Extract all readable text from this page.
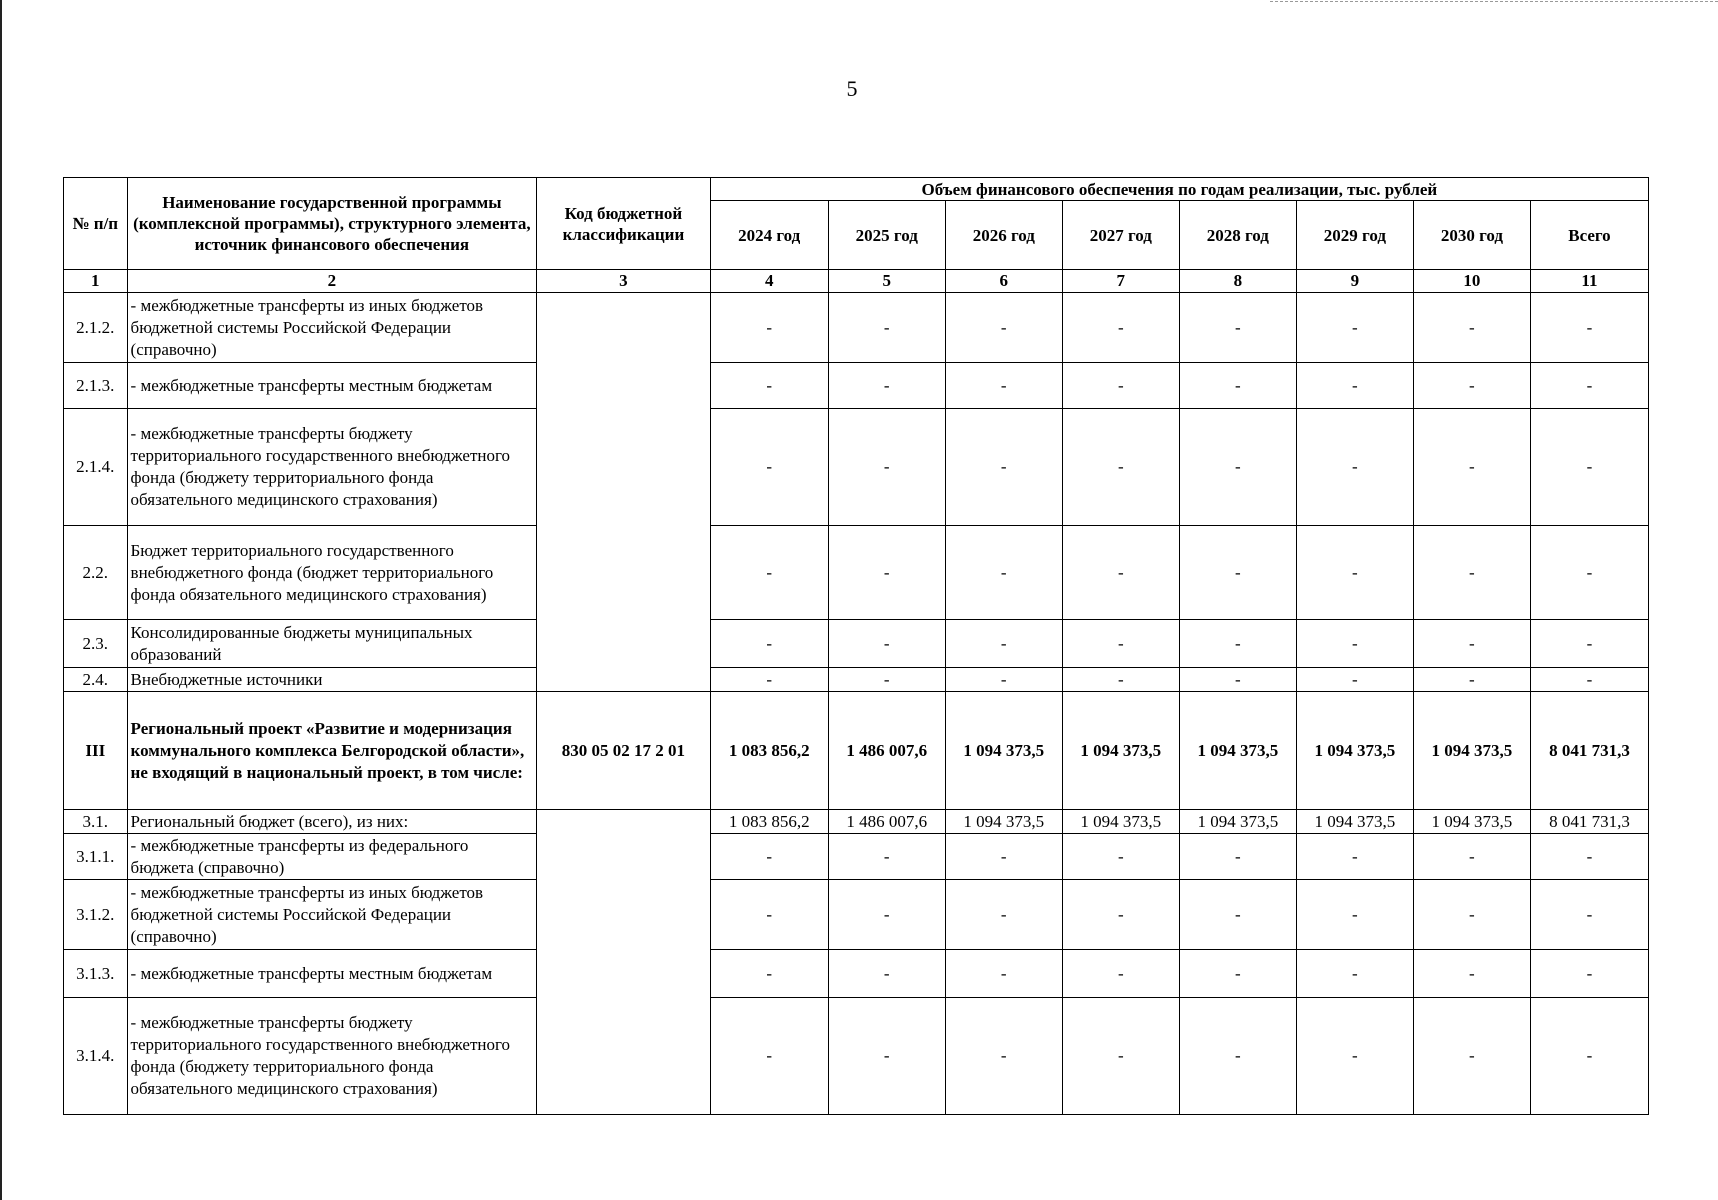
5
№ п/п	Наименование государственной программы (комплексной программы), структурного элемента, источник финансового обеспечения	Код бюджетной классификации	Объем финансового обеспечения по годам реализации, тыс. рублей							
			2024 год	2025 год	2026 год	2027 год	2028 год	2029 год	2030 год	Всего
1	2	3	4	5	6	7	8	9	10	11
2.1.2.	- межбюджетные трансферты из иных бюджетов бюджетной системы Российской Федерации (справочно)		-	-	-	-	-	-	-	-
2.1.3.	- межбюджетные трансферты местным бюджетам		-	-	-	-	-	-	-	-
2.1.4.	- межбюджетные трансферты бюджету территориального государственного внебюджетного фонда (бюджету территориального фонда обязательного медицинского страхования)		-	-	-	-	-	-	-	-
2.2.	Бюджет территориального государственного внебюджетного фонда (бюджет территориального фонда обязательного медицинского страхования)		-	-	-	-	-	-	-	-
2.3.	Консолидированные бюджеты муниципальных образований		-	-	-	-	-	-	-	-
2.4.	Внебюджетные источники		-	-	-	-	-	-	-	-
III	Региональный проект «Развитие и модернизация коммунального комплекса Белгородской области», не входящий в национальный проект, в том числе:	830 05 02 17 2 01	1 083 856,2	1 486 007,6	1 094 373,5	1 094 373,5	1 094 373,5	1 094 373,5	1 094 373,5	8 041 731,3
3.1.	Региональный бюджет (всего), из них:		1 083 856,2	1 486 007,6	1 094 373,5	1 094 373,5	1 094 373,5	1 094 373,5	1 094 373,5	8 041 731,3
3.1.1.	- межбюджетные трансферты из федерального бюджета (справочно)		-	-	-	-	-	-	-	-
3.1.2.	- межбюджетные трансферты из иных бюджетов бюджетной системы Российской Федерации (справочно)		-	-	-	-	-	-	-	-
3.1.3.	- межбюджетные трансферты местным бюджетам		-	-	-	-	-	-	-	-
3.1.4.	- межбюджетные трансферты бюджету территориального государственного внебюджетного фонда (бюджету территориального фонда обязательного медицинского страхования)		-	-	-	-	-	-	-	-
